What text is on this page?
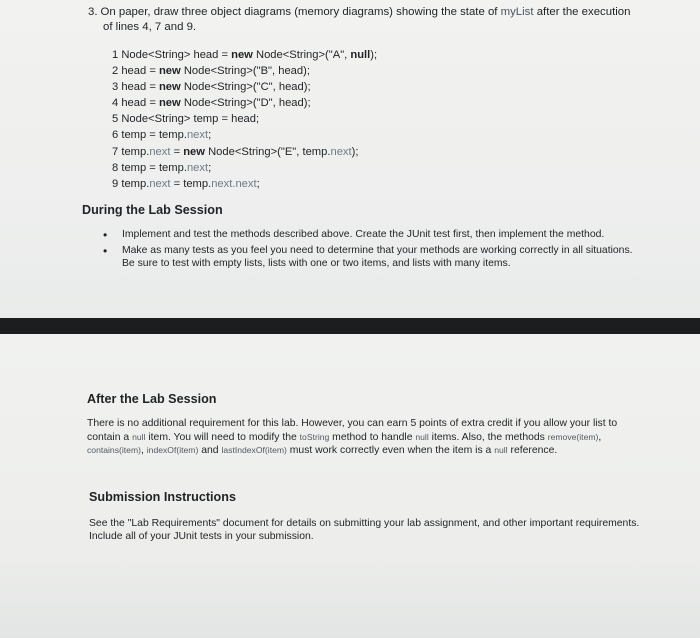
3. On paper, draw three object diagrams (memory diagrams) showing the state of myList after the execution
of lines 4, 7 and 9.
1 Node<String> head = new Node<String>("A", null);
2 head = new Node<String>("B", head);
3 head = new Node<String>("C", head);
4 head = new Node<String>("D", head);
5 Node<String> temp = head;
6 temp = temp.next;
7 temp.next = new Node<String>("E", temp.next);
8 temp = temp.next;
9 temp.next = temp.next.next;
During the Lab Session
• Implement and test the methods described above. Create the JUnit test first, then implement the method.
• Make as many tests as you feel you need to determine that your methods are working correctly in all situations. Be sure to test with empty lists, lists with one or two items, and lists with many items.
After the Lab Session
There is no additional requirement for this lab. However, you can earn 5 points of extra credit if you allow your list to contain a null item. You will need to modify the toString method to handle null items. Also, the methods remove(item), contains(item), indexOf(item) and lastIndexOf(item) must work correctly even when the item is a null reference.
Submission Instructions
See the "Lab Requirements" document for details on submitting your lab assignment, and other important requirements. Include all of your JUnit tests in your submission.
